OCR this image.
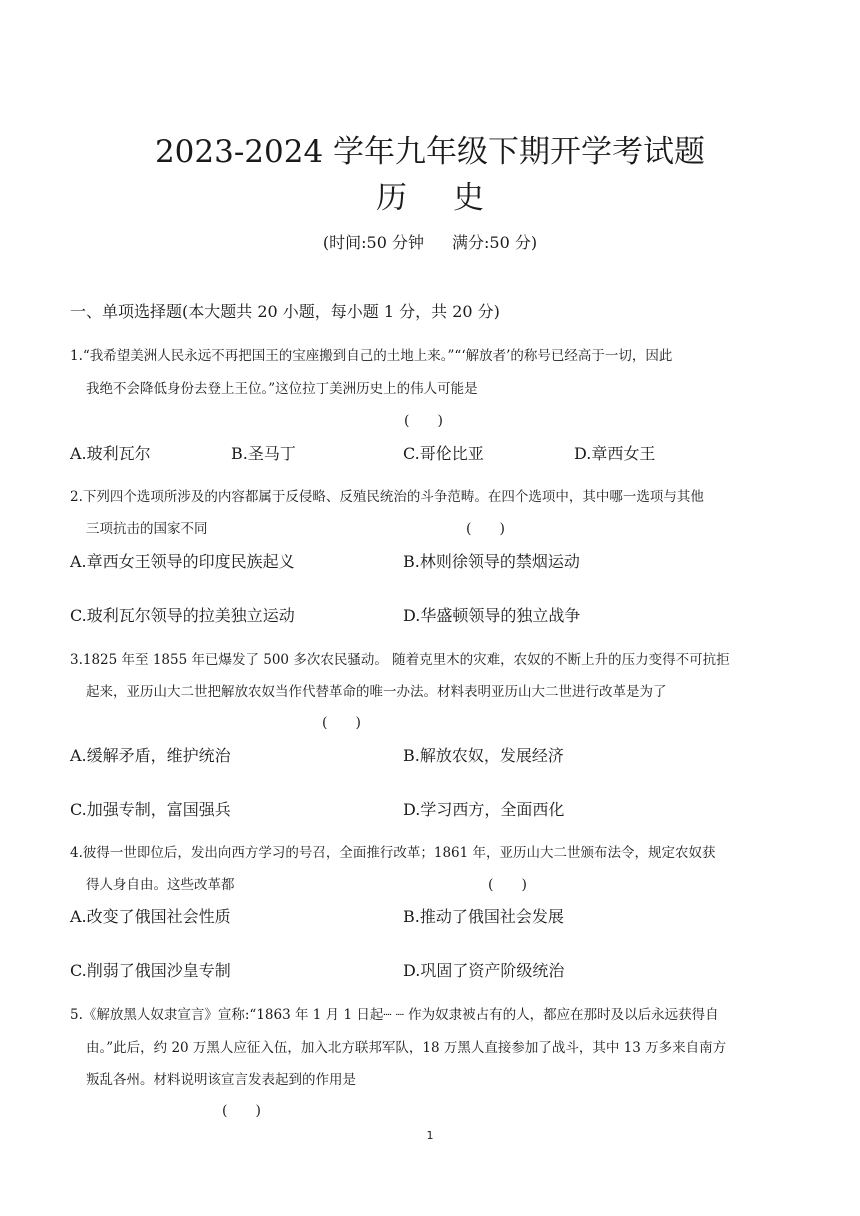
2023-2024 学年九年级下期开学考试题
历 史
(时间:50 分钟 满分:50 分)
一、单项选择题(本大题共 20 小题，每小题 1 分，共 20 分)
1.“我希望美洲人民永远不再把国王的宝座搬到自己的土地上来。”“‘解放者’的称号已经高于一切，因此
我绝不会降低身份去登上王位。”这位拉丁美洲历史上的伟人可能是
(　　)
A.玻利瓦尔	B.圣马丁	C.哥伦比亚	D.章西女王
2.下列四个选项所涉及的内容都属于反侵略、反殖民统治的斗争范畴。在四个选项中，其中哪一选项与其他
三项抗击的国家不同	(　　)
A.章西女王领导的印度民族起义	B.林则徐领导的禁烟运动
C.玻利瓦尔领导的拉美独立运动	D.华盛顿领导的独立战争
3.1825 年至 1855 年已爆发了 500 多次农民骚动。 随着克里木的灾难，农奴的不断上升的压力变得不可抗拒
起来，亚历山大二世把解放农奴当作代替革命的唯一办法。材料表明亚历山大二世进行改革是为了
(　　)
A.缓解矛盾，维护统治	B.解放农奴，发展经济
C.加强专制，富国强兵	D.学习西方，全面西化
4.彼得一世即位后，发出向西方学习的号召，全面推行改革；1861 年，亚历山大二世颁布法令，规定农奴获
得人身自由。这些改革都	(　　)
A.改变了俄国社会性质	B.推动了俄国社会发展
C.削弱了俄国沙皇专制	D.巩固了资产阶级统治
5.《解放黑人奴隶宣言》宣称:“1863 年 1 月 1 日起┈ ┈ 作为奴隶被占有的人，都应在那时及以后永远获得自
由。”此后，约 20 万黑人应征入伍，加入北方联邦军队，18 万黑人直接参加了战斗，其中 13 万多来自南方
叛乱各州。材料说明该宣言发表起到的作用是
(　　)
1
